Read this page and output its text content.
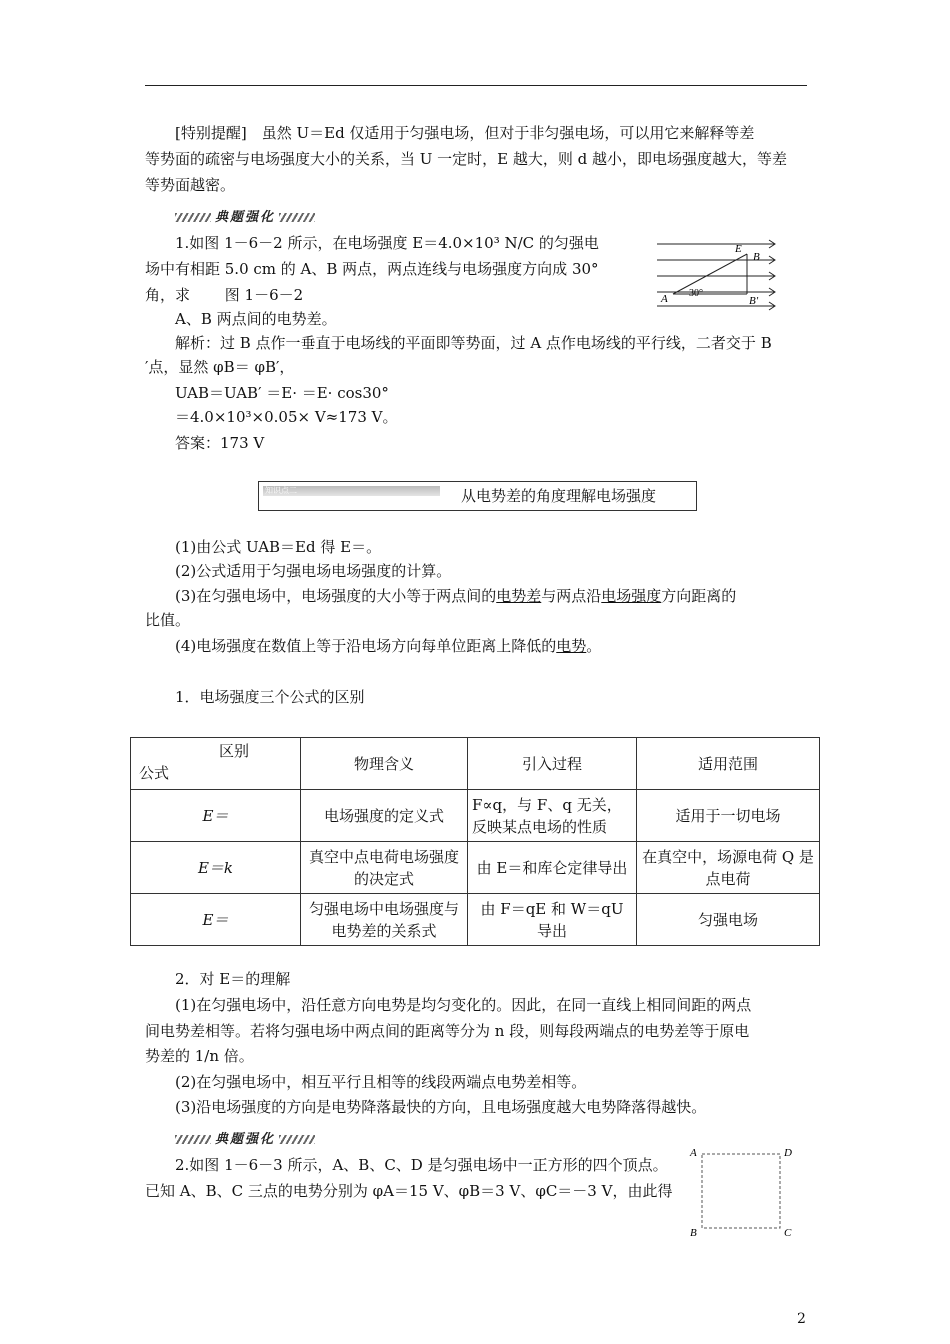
[特别提醒]　虽然 U＝Ed 仅适用于匀强电场，但对于非匀强电场，可以用它来解释等差
等势面的疏密与电场强度大小的关系，当 U 一定时，E 越大，则 d 越小，即电场强度越大，等差
等势面越密。
典题强化
1.如图 1－6－2 所示，在电场强度 E＝4.0×10³ N/C 的匀强电
场中有相距 5.0 cm 的 A、B 两点，两点连线与电场强度方向成 30°
角，求　　 图 1－6－2
A、B 两点间的电势差。
解析：过 B 点作一垂直于电场线的平面即等势面，过 A 点作电场线的平行线，二者交于 B
′点，显然 φB＝ φB′，
UAB＝UAB′ ＝E· ＝E· cos30°
＝4.0×10³×0.05× V≈173 V。
答案：173 V
E
B
A	B′
30°
知识点二	从电势差的角度理解电场强度
(1)由公式 UAB＝Ed 得 E＝。
(2)公式适用于匀强电场电场强度的计算。
(3)在匀强电场中，电场强度的大小等于两点间的电势差与两点沿电场强度方向距离的
比值。
(4)电场强度在数值上等于沿电场方向每单位距离上降低的电势。
1．电场强度三个公式的区别
区别
公式	物理含义	引入过程	适用范围
E＝	电场强度的定义式	F∝q，与 F、q 无关，反映某点电场的性质	适用于一切电场
E＝k	真空中点电荷电场强度的决定式	由 E＝和库仑定律导出	在真空中，场源电荷 Q 是点电荷
E＝	匀强电场中电场强度与电势差的关系式	由 F＝qE 和 W＝qU 导出	匀强电场
2．对 E＝的理解
(1)在匀强电场中，沿任意方向电势是均匀变化的。因此，在同一直线上相同间距的两点
间电势差相等。若将匀强电场中两点间的距离等分为 n 段，则每段两端点的电势差等于原电
势差的 1/n 倍。
(2)在匀强电场中，相互平行且相等的线段两端点电势差相等。
(3)沿电场强度的方向是电势降落最快的方向，且电场强度越大电势降落得越快。
典题强化
2.如图 1－6－3 所示，A、B、C、D 是匀强电场中一正方形的四个顶点。
已知 A、B、C 三点的电势分别为 φA＝15 V、φB＝3 V、φC＝－3 V，由此得
A	D
B	C
2
